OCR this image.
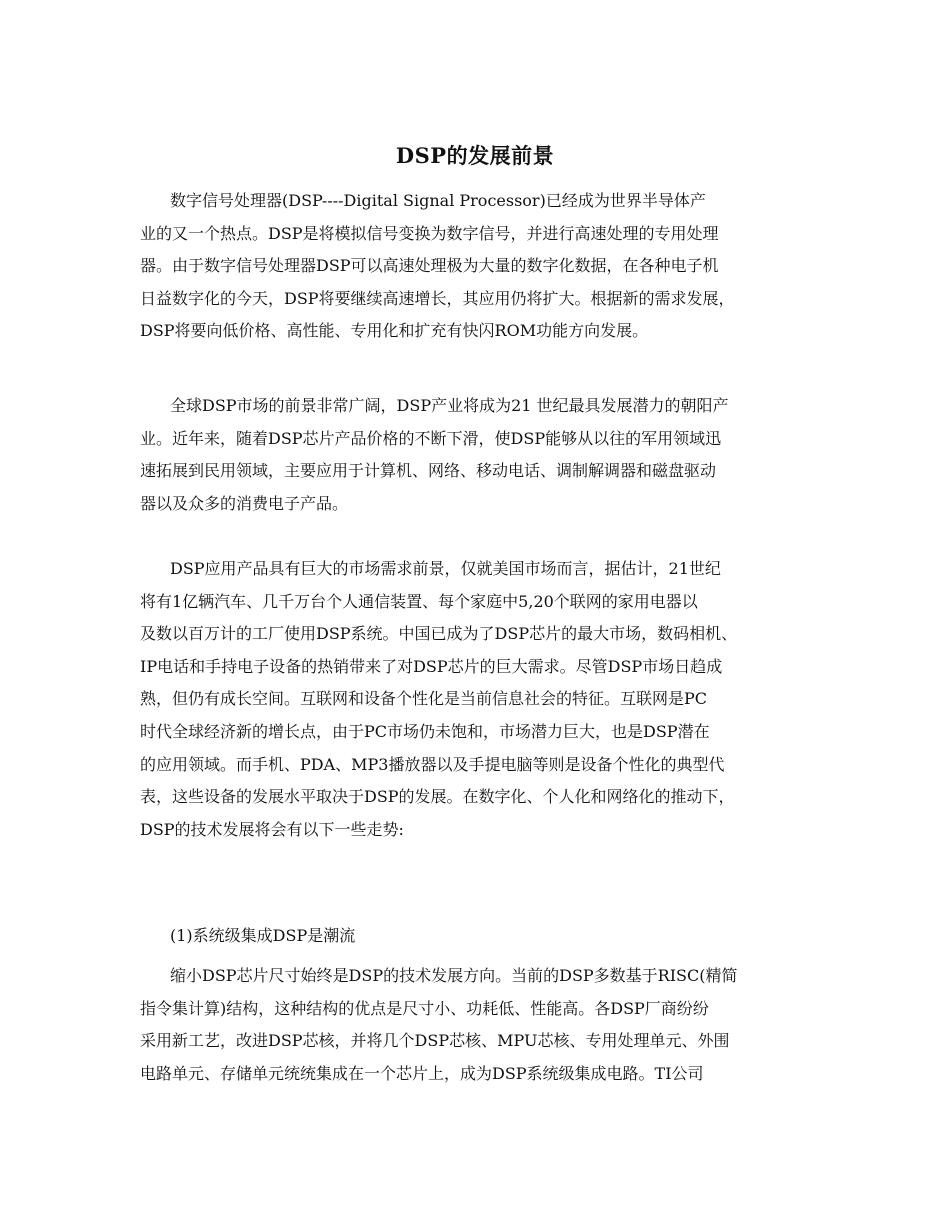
DSP的发展前景
数字信号处理器(DSP----Digital Signal Processor)已经成为世界半导体产
业的又一个热点。DSP是将模拟信号变换为数字信号，并进行高速处理的专用处理
器。由于数字信号处理器DSP可以高速处理极为大量的数字化数据，在各种电子机
日益数字化的今天，DSP将要继续高速增长，其应用仍将扩大。根据新的需求发展，
DSP将要向低价格、高性能、专用化和扩充有快闪ROM功能方向发展。
全球DSP市场的前景非常广阔，DSP产业将成为21 世纪最具发展潜力的朝阳产
业。近年来，随着DSP芯片产品价格的不断下滑，使DSP能够从以往的军用领域迅
速拓展到民用领域，主要应用于计算机、网络、移动电话、调制解调器和磁盘驱动
器以及众多的消费电子产品。
DSP应用产品具有巨大的市场需求前景，仅就美国市场而言，据估计，21世纪
将有1亿辆汽车、几千万台个人通信装置、每个家庭中5,20个联网的家用电器以
及数以百万计的工厂使用DSP系统。中国已成为了DSP芯片的最大市场，数码相机、
IP电话和手持电子设备的热销带来了对DSP芯片的巨大需求。尽管DSP市场日趋成
熟，但仍有成长空间。互联网和设备个性化是当前信息社会的特征。互联网是PC
时代全球经济新的增长点，由于PC市场仍未饱和，市场潜力巨大，也是DSP潜在
的应用领域。而手机、PDA、MP3播放器以及手提电脑等则是设备个性化的典型代
表，这些设备的发展水平取决于DSP的发展。在数字化、个人化和网络化的推动下，
DSP的技术发展将会有以下一些走势:
(1)系统级集成DSP是潮流
缩小DSP芯片尺寸始终是DSP的技术发展方向。当前的DSP多数基于RISC(精简
指令集计算)结构，这种结构的优点是尺寸小、功耗低、性能高。各DSP厂商纷纷
采用新工艺，改进DSP芯核，并将几个DSP芯核、MPU芯核、专用处理单元、外围
电路单元、存储单元统统集成在一个芯片上，成为DSP系统级集成电路。TI公司
